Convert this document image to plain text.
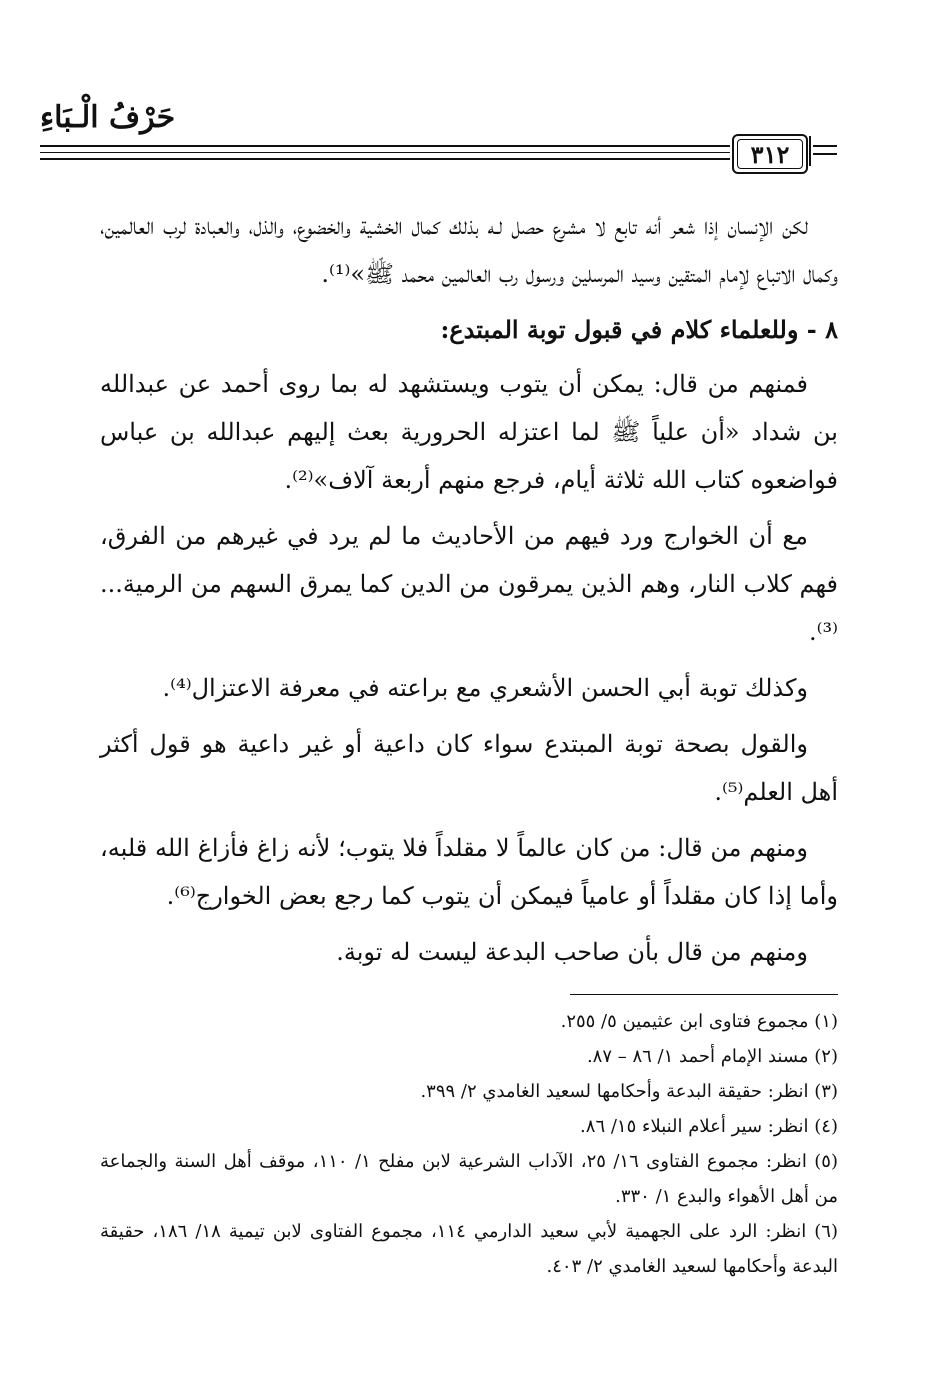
حَرْفُ الْـبَاءِ
٣١٢

لكن الإنسان إذا شعر أنه تابع لا مشرع حصل لـه بذلك كمال الخشية والخضوع، والذل، والعبادة لرب العالمين، وكمال الاتباع لإمام المتقين وسيد المرسلين ورسول رب العالمين محمد ﷺ»⁽¹⁾.

٨ - وللعلماء كلام في قبول توبة المبتدع:

فمنهم من قال: يمكن أن يتوب ويستشهد له بما روى أحمد عن عبدالله بن شداد «أن علياً ﷺ لما اعتزله الحرورية بعث إليهم عبدالله بن عباس فواضعوه كتاب الله ثلاثة أيام، فرجع منهم أربعة آلاف»⁽²⁾.

مع أن الخوارج ورد فيهم من الأحاديث ما لم يرد في غيرهم من الفرق، فهم كلاب النار، وهم الذين يمرقون من الدين كما يمرق السهم من الرمية...⁽³⁾.

وكذلك توبة أبي الحسن الأشعري مع براعته في معرفة الاعتزال⁽⁴⁾.

والقول بصحة توبة المبتدع سواء كان داعية أو غير داعية هو قول أكثر أهل العلم⁽⁵⁾.

ومنهم من قال: من كان عالماً لا مقلداً فلا يتوب؛ لأنه زاغ فأزاغ الله قلبه، وأما إذا كان مقلداً أو عامياً فيمكن أن يتوب كما رجع بعض الخوارج⁽⁶⁾.

ومنهم من قال بأن صاحب البدعة ليست له توبة.

(١) مجموع فتاوى ابن عثيمين ٥/ ٢٥٥.

(٢) مسند الإمام أحمد ١/ ٨٦ – ٨٧.

(٣) انظر: حقيقة البدعة وأحكامها لسعيد الغامدي ٢/ ٣٩٩.

(٤) انظر: سير أعلام النبلاء ١٥/ ٨٦.

(٥) انظر: مجموع الفتاوى ١٦/ ٢٥، الآداب الشرعية لابن مفلح ١/ ١١٠، موقف أهل السنة والجماعة من أهل الأهواء والبدع ١/ ٣٣٠.

(٦) انظر: الرد على الجهمية لأبي سعيد الدارمي ١١٤، مجموع الفتاوى لابن تيمية ١٨/ ١٨٦، حقيقة البدعة وأحكامها لسعيد الغامدي ٢/ ٤٠٣.
